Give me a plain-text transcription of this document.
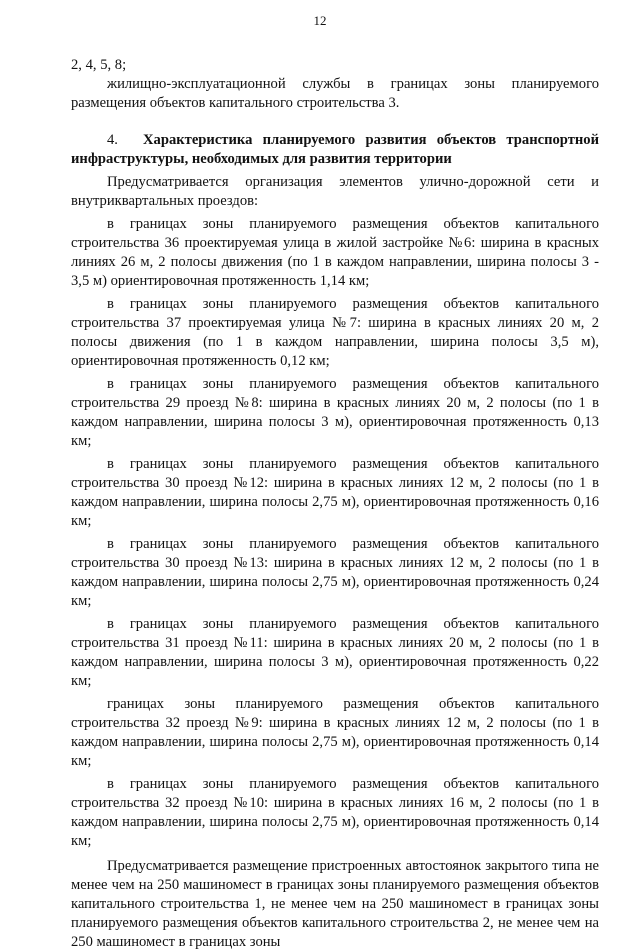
12

2, 4, 5, 8;

жилищно-эксплуатационной службы в границах зоны планируемого размещения объектов капитального строительства 3.

4. Характеристика планируемого развития объектов транспортной инфраструктуры, необходимых для развития территории

Предусматривается организация элементов улично-дорожной сети и внутриквартальных проездов:

в границах зоны планируемого размещения объектов капитального строительства 36 проектируемая улица в жилой застройке №6: ширина в красных линиях 26 м, 2 полосы движения (по 1 в каждом направлении, ширина полосы 3 - 3,5 м) ориентировочная протяженность 1,14 км;

в границах зоны планируемого размещения объектов капитального строительства 37 проектируемая улица №7: ширина в красных линиях 20 м, 2 полосы движения (по 1 в каждом направлении, ширина полосы 3,5 м), ориентировочная протяженность 0,12 км;

в границах зоны планируемого размещения объектов капитального строительства 29 проезд №8: ширина в красных линиях 20 м, 2 полосы (по 1 в каждом направлении, ширина полосы 3 м), ориентировочная протяженность 0,13 км;

в границах зоны планируемого размещения объектов капитального строительства 30 проезд №12: ширина в красных линиях 12 м, 2 полосы (по 1 в каждом направлении, ширина полосы 2,75 м), ориентировочная протяженность 0,16 км;

в границах зоны планируемого размещения объектов капитального строительства 30 проезд №13: ширина в красных линиях 12 м, 2 полосы (по 1 в каждом направлении, ширина полосы 2,75 м), ориентировочная протяженность 0,24 км;

в границах зоны планируемого размещения объектов капитального строительства 31 проезд №11: ширина в красных линиях 20 м, 2 полосы (по 1 в каждом направлении, ширина полосы 3 м), ориентировочная протяженность 0,22 км;

границах зоны планируемого размещения объектов капитального строительства 32 проезд №9: ширина в красных линиях 12 м, 2 полосы (по 1 в каждом направлении, ширина полосы 2,75 м), ориентировочная протяженность 0,14 км;

в границах зоны планируемого размещения объектов капитального строительства 32 проезд №10: ширина в красных линиях 16 м, 2 полосы (по 1 в каждом направлении, ширина полосы 2,75 м), ориентировочная протяженность 0,14 км;

Предусматривается размещение пристроенных автостоянок закрытого типа не менее чем на 250 машиномест в границах зоны планируемого размещения объектов капитального строительства 1, не менее чем на 250 машиномест в границах зоны планируемого размещения объектов капитального строительства 2, не менее чем на 250 машиномест в границах зоны
